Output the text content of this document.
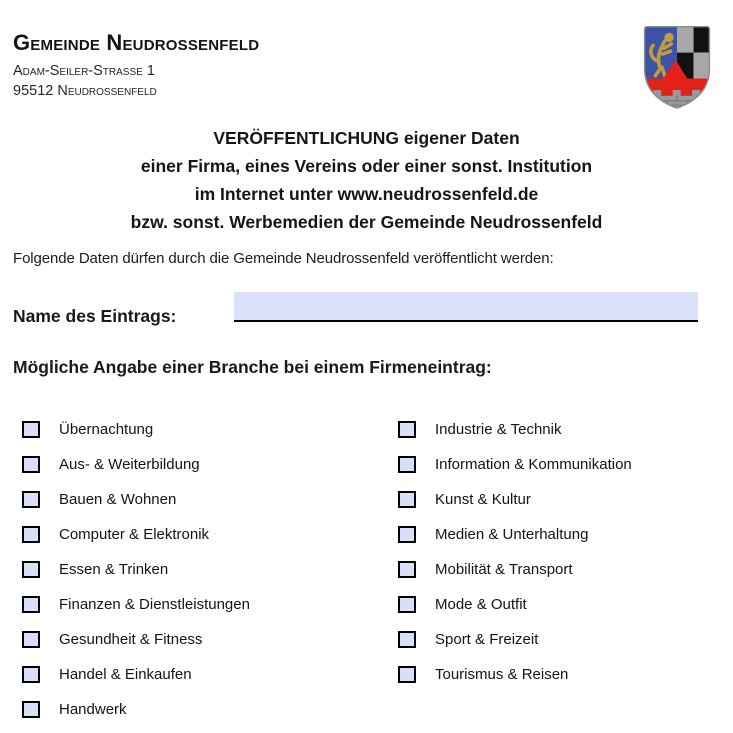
Gemeinde Neudrossenfeld
Adam-Seiler-Straße 1
95512 Neudrossenfeld
VERÖFFENTLICHUNG eigener Daten
einer Firma, eines Vereins oder einer sonst. Institution
im Internet unter www.neudrossenfeld.de
bzw. sonst. Werbemedien der Gemeinde Neudrossenfeld
Folgende Daten dürfen durch die Gemeinde Neudrossenfeld veröffentlicht werden:
Name des Eintrags:
Mögliche Angabe einer Branche bei einem Firmeneintrag:
Übernachtung
Aus- & Weiterbildung
Bauen & Wohnen
Computer & Elektronik
Essen & Trinken
Finanzen & Dienstleistungen
Gesundheit & Fitness
Handel & Einkaufen
Handwerk
Industrie & Technik
Information & Kommunikation
Kunst & Kultur
Medien & Unterhaltung
Mobilität & Transport
Mode & Outfit
Sport & Freizeit
Tourismus & Reisen
